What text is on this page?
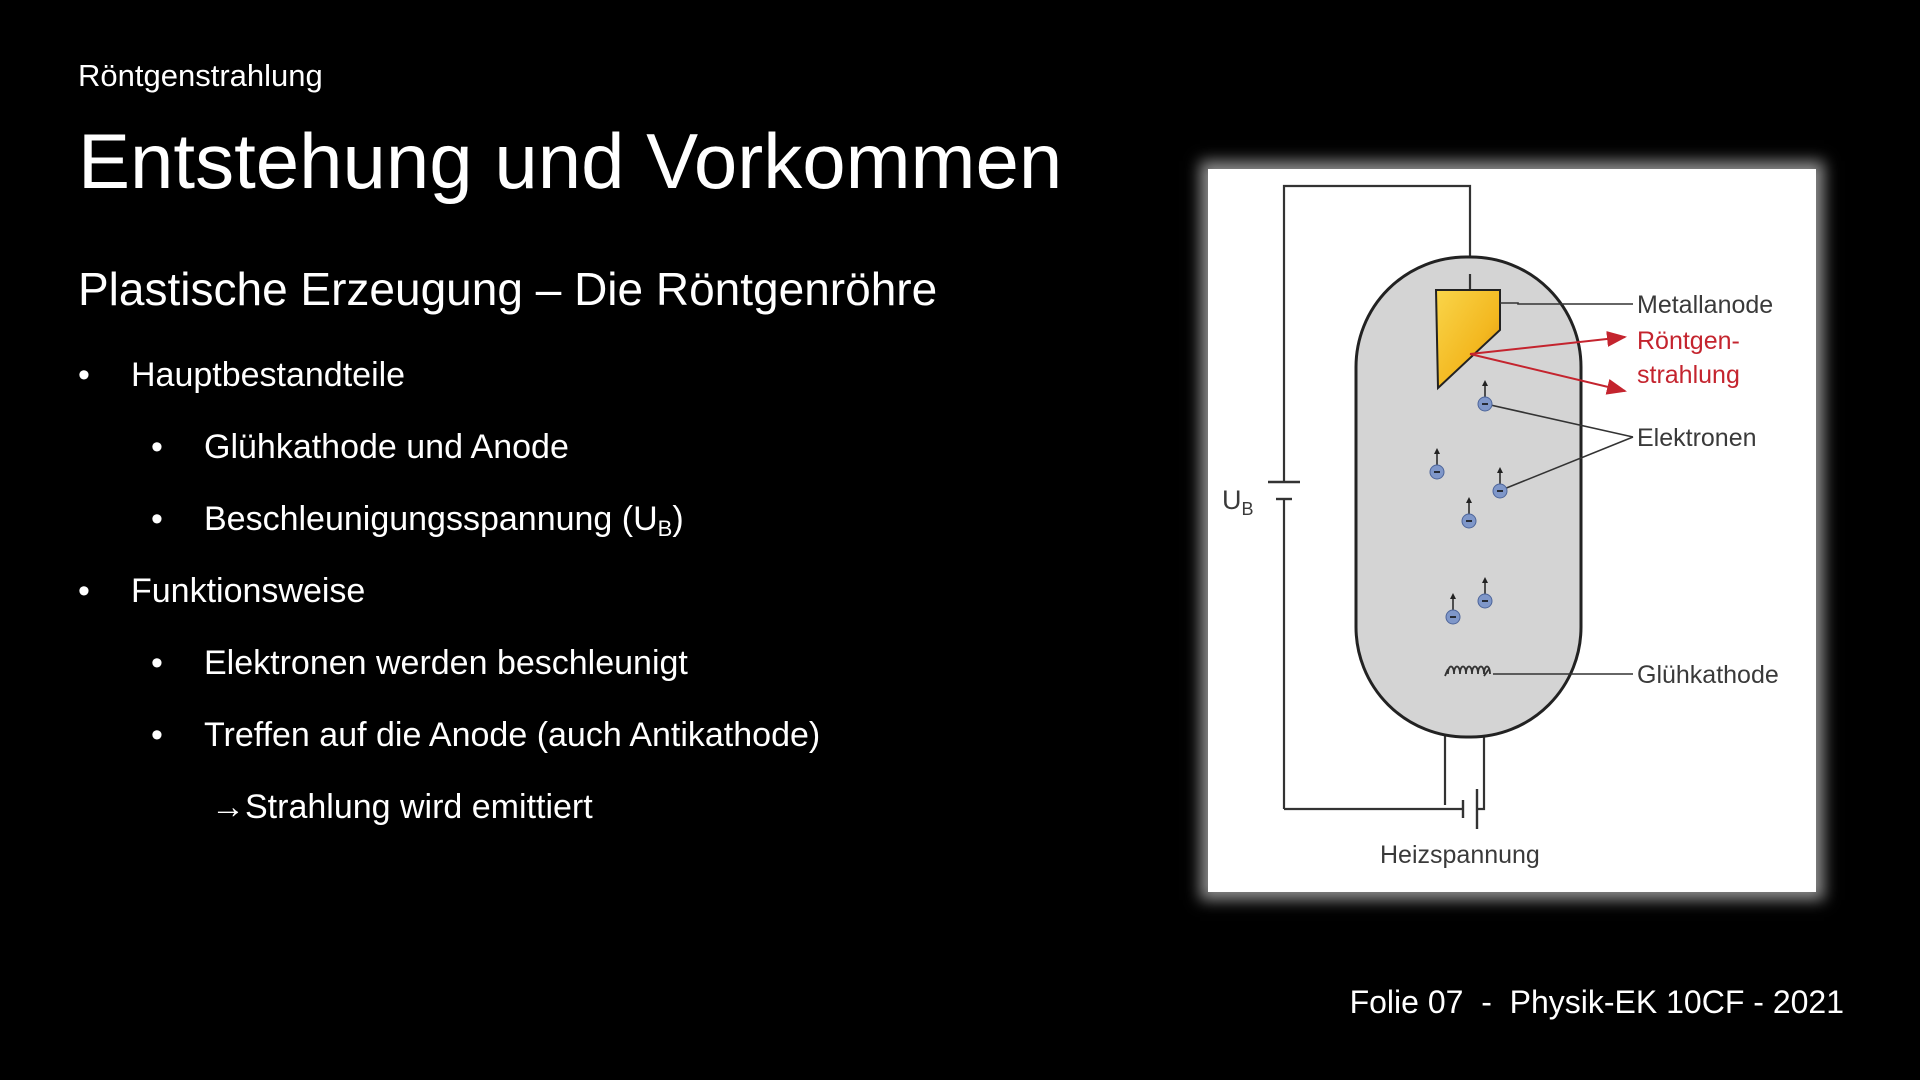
Röntgenstrahlung
Entstehung und Vorkommen
Plastische Erzeugung – Die Röntgenröhre
• Hauptbestandteile
• Glühkathode und Anode
• Beschleunigungsspannung $(U_B)$
• Funktionsweise
• Elektronen werden beschleunigt
• Treffen auf die Anode (auch Antikathode)
→Strahlung wird emittiert
Metallanode
Röntgen-
strahlung
Elektronen
Glühkathode
Heizspannung
$U_B$
Folie 07  -  Physik-EK 10CF - 2021
